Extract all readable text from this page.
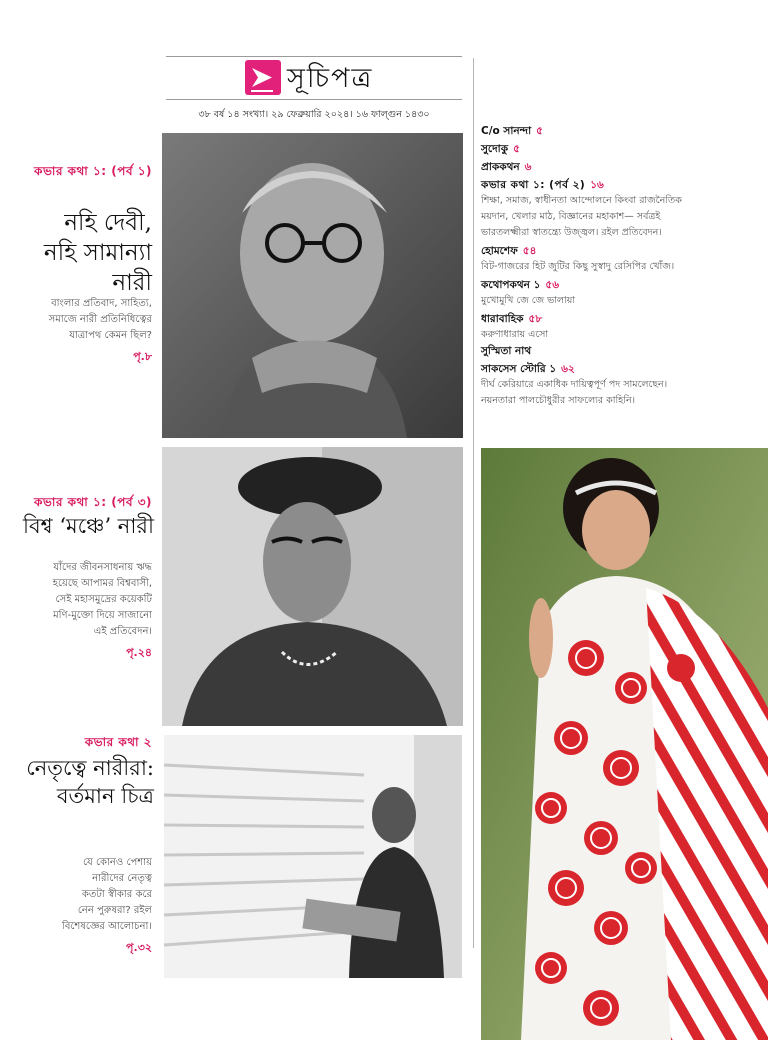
সূচিপত্র
৩৮ বর্ষ ১৪ সংখ্যা। ২৯ ফেব্রুয়ারি ২০২৪। ১৬ ফাল্গুন ১৪৩০
কভার কথা ১: (পর্ব ১)
নহি দেবী,
নহি সামান্যা
নারী
বাংলার প্রতিবাদ, সাহিত্য,
সমাজে নারী প্রতিনিধিত্বের
যাত্রাপথ কেমন ছিল?
পৃ.৮
কভার কথা ১: (পর্ব ৩)
বিশ্ব ‘মঞ্চে’ নারী
যাঁদের জীবনসাধনায় ঋদ্ধ
হয়েছে আপামর বিশ্ববাসী,
সেই মহাসমুদ্রের কয়েকটি
মণি-মুক্তো দিয়ে সাজানো
এই প্রতিবেদন।
পৃ.২৪
কভার কথা ২
নেতৃত্বে নারীরা:
বর্তমান চিত্র
যে কোনও পেশায়
নারীদের নেতৃত্ব
কতটা স্বীকার করে
নেন পুরুষরা? রইল
বিশেষজ্ঞের আলোচনা।
পৃ.৩২
C/o সানন্দা ৫
সুদোকু ৫
প্রাককথন ৬
কভার কথা ১: (পর্ব ২) ১৬
শিক্ষা, সমাজ, স্বাধীনতা আন্দোলনে কিংবা রাজনৈতিক
ময়দান, খেলার মাঠ, বিজ্ঞানের মহাকাশ— সর্বত্রই
ভারতলক্ষ্মীরা স্বাতন্ত্র্যে উজ্জ্বল। রইল প্রতিবেদন।
হোমশেফ ৫৪
বিট-গাজরের হিট জুটির কিছু সুস্বাদু রেসিপির খোঁজ।
কথোপকথন ১ ৫৬
মুখোমুখি জে জে ভালায়া
ধারাবাহিক ৫৮
করুণাধারায় এসো
সুস্মিতা নাথ
সাকসেস স্টোরি ১ ৬২
দীর্ঘ কেরিয়ারে একাধিক দায়িত্বপূর্ণ পদ সামলেছেন।
নয়নতারা পালচৌধুরীর সাফল্যের কাহিনি।
